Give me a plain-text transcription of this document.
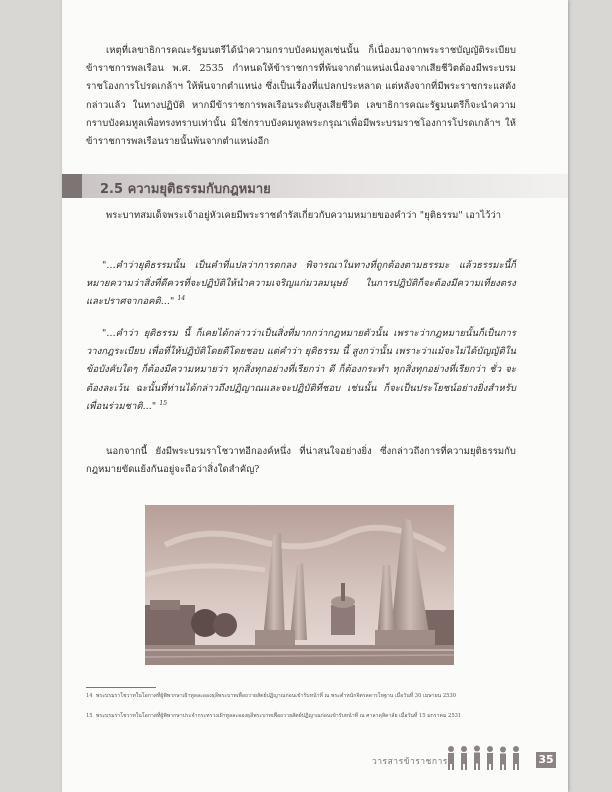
เหตุที่เลขาธิการคณะรัฐมนตรีได้นำความกราบบังคมทูลเช่นนั้น ก็เนื่องมาจากพระราชบัญญัติระเบียบข้าราชการพลเรือน พ.ศ. 2535 กำหนดให้ข้าราชการที่พ้นจากตำแหน่งเนื่องจากเสียชีวิตต้องมีพระบรมราชโองการโปรดเกล้าฯ ให้พ้นจากตำแหน่ง ซึ่งเป็นเรื่องที่แปลกประหลาด แต่หลังจากที่มีพระราชกระแสดังกล่าวแล้ว ในทางปฏิบัติ หากมีข้าราชการพลเรือนระดับสูงเสียชีวิต เลขาธิการคณะรัฐมนตรีก็จะนำความกราบบังคมทูลเพื่อทรงทราบเท่านั้น มิใช่กราบบังคมทูลพระกรุณาเพื่อมีพระบรมราชโองการโปรดเกล้าฯ ให้ข้าราชการพลเรือนรายนั้นพ้นจากตำแหน่งอีก
2.5 ความยุติธรรมกับกฎหมาย
พระบาทสมเด็จพระเจ้าอยู่หัวเคยมีพระราชดำรัสเกี่ยวกับความหมายของคำว่า "ยุติธรรม" เอาไว้ว่า
"...คำว่ายุติธรรมนั้น เป็นคำที่แปลว่าการตกลง พิจารณาในทางที่ถูกต้องตามธรรมะ แล้วธรรมะนี้ก็หมายความว่าสิ่งที่ดีควรที่จะปฏิบัติให้นำความเจริญแก่มวลมนุษย์ ในการปฏิบัติก็จะต้องมีความเที่ยงตรง และปราศจากอคติ..." $^{14}$
"...คำว่า ยุติธรรม นี้ ก็เคยได้กล่าวว่าเป็นสิ่งที่มากกว่ากฎหมายตัวนั้น เพราะว่ากฎหมายนั้นก็เป็นการวางกฎระเบียบ เพื่อที่ให้ปฏิบัติโดยดีโดยชอบ แต่คำว่า ยุติธรรม นี้ สูงกว่านั้น เพราะว่าแม้จะไม่ได้บัญญัติในข้อบังคับใดๆ ก็ต้องมีความหมายว่า ทุกสิ่งทุกอย่างที่เรียกว่า ดี ก็ต้องกระทำ ทุกสิ่งทุกอย่างที่เรียกว่า ชั่ว จะต้องละเว้น ฉะนั้นที่ท่านได้กล่าวถึงปฏิญาณและจะปฏิบัติที่ชอบ เช่นนั้น ก็จะเป็นประโยชน์อย่างยิ่งสำหรับเพื่อนร่วมชาติ..." $^{15}$
นอกจากนี้ ยังมีพระบรมราโชวาทอีกองค์หนึ่ง ที่น่าสนใจอย่างยิ่ง ซึ่งกล่าวถึงการที่ความยุติธรรมกับกฎหมายขัดแย้งกันอยู่จะถือว่าสิ่งใดสำคัญ?
14 พระบรมราโชวาทในโอกาสที่ผู้พิพากษาเฝ้าทูลละอองธุลีพระบาทเพื่อถวายสัตย์ปฏิญาณก่อนเข้ารับหน้าที่ ณ พระตำหนักจิตรลดารโหฐาน เมื่อวันที่ 30 เมษายน 2530
15 พระบรมราโชวาทในโอกาสที่ผู้พิพากษาประจำกระทรวงเฝ้าทูลละอองธุลีพระบาทเพื่อถวายสัตย์ปฏิญาณก่อนเข้ารับหน้าที่ ณ ศาลาดุสิดาลัย เมื่อวันที่ 15 มกราคม 2531
วารสารข้าราชการ	35
